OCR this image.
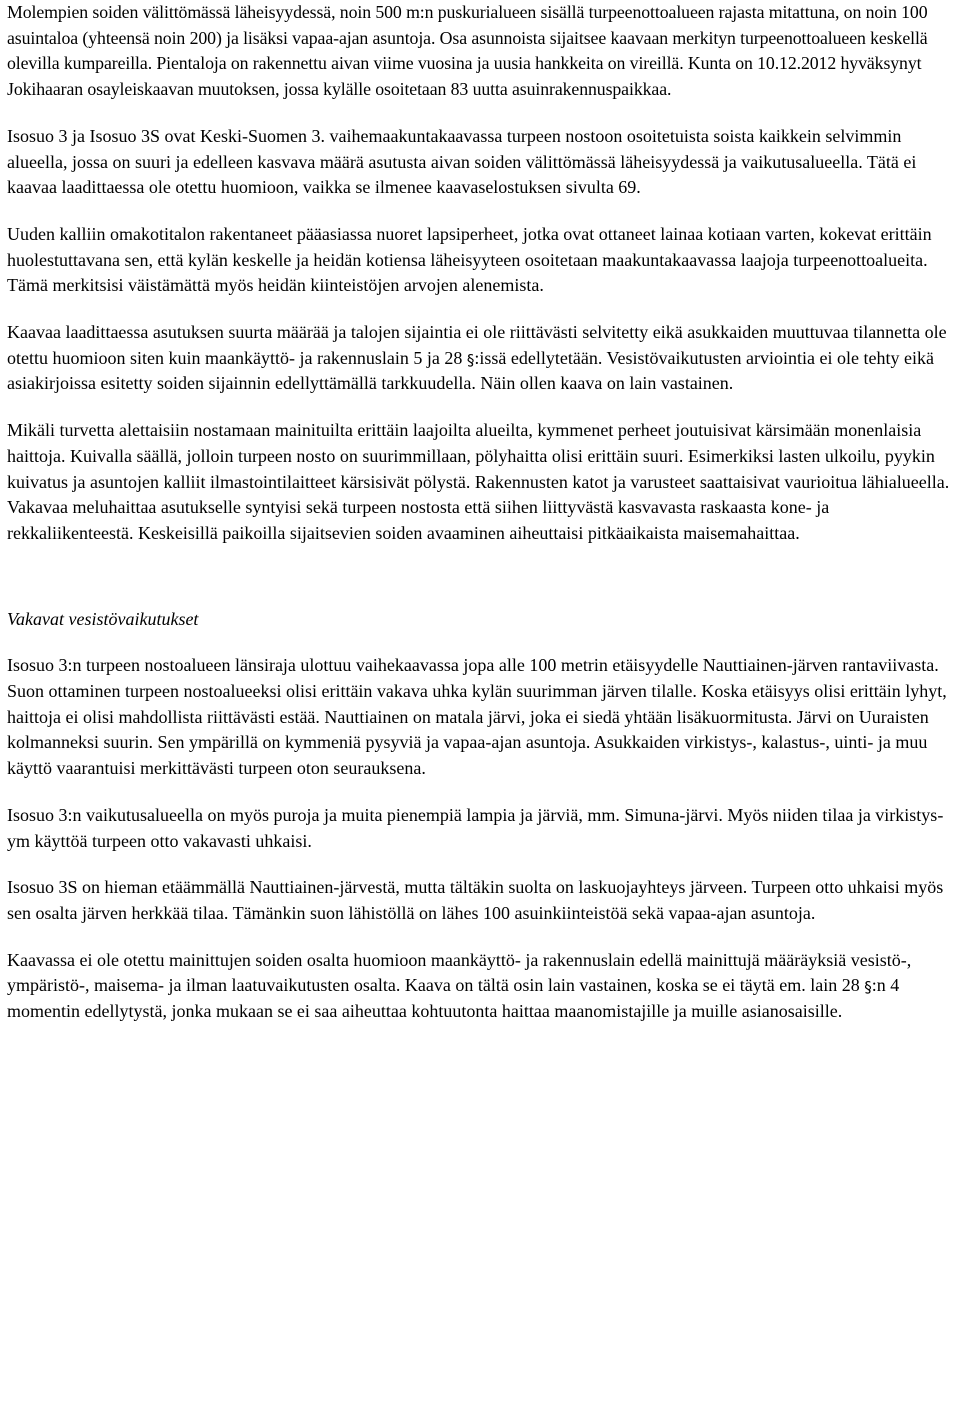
Molempien soiden välittömässä läheisyydessä, noin 500 m:n puskurialueen sisällä turpeenottoalueen rajasta mitattuna, on noin 100 asuintaloa (yhteensä noin 200) ja lisäksi vapaa-ajan asuntoja. Osa asunnoista sijaitsee kaavaan merkityn turpeenottoalueen keskellä olevilla kumpareilla. Pientaloja on rakennettu aivan viime vuosina ja uusia hankkeita on vireillä. Kunta on 10.12.2012 hyväksynyt Jokihaaran osayleiskaavan muutoksen, jossa kylälle osoitetaan 83 uutta asuinrakennuspaikkaa.

Isosuo 3 ja Isosuo 3S ovat Keski-Suomen 3. vaihemaakuntakaavassa turpeen nostoon osoitetuista soista kaikkein selvimmin alueella, jossa on suuri ja edelleen kasvava määrä asutusta aivan soiden välittömässä läheisyydessä ja vaikutusalueella. Tätä ei kaavaa laadittaessa ole otettu huomioon, vaikka se ilmenee kaavaselostuksen sivulta 69.

Uuden kalliin omakotitalon rakentaneet pääasiassa nuoret lapsiperheet, jotka ovat ottaneet lainaa kotiaan varten, kokevat erittäin huolestuttavana sen, että kylän keskelle ja heidän kotiensa läheisyyteen osoitetaan maakuntakaavassa laajoja turpeenottoalueita. Tämä merkitsisi väistämättä myös heidän kiinteistöjen arvojen alenemista.

Kaavaa laadittaessa asutuksen suurta määrää ja talojen sijaintia ei ole riittävästi selvitetty eikä asukkaiden muuttuvaa tilannetta ole otettu huomioon siten kuin maankäyttö- ja rakennuslain 5 ja 28 §:issä edellytetään. Vesistövaikutusten arviointia ei ole tehty eikä asiakirjoissa esitetty soiden sijainnin edellyttämällä tarkkuudella. Näin ollen kaava on lain vastainen.

Mikäli turvetta alettaisiin nostamaan mainituilta erittäin laajoilta alueilta, kymmenet perheet joutuisivat kärsimään monenlaisia haittoja. Kuivalla säällä, jolloin turpeen nosto on suurimmillaan, pölyhaitta olisi erittäin suuri. Esimerkiksi lasten ulkoilu, pyykin kuivatus ja asuntojen kalliit ilmastointilaitteet kärsisivät pölystä. Rakennusten katot ja varusteet saattaisivat vaurioitua lähialueella. Vakavaa meluhaittaa asutukselle syntyisi sekä turpeen nostosta että siihen liittyvästä kasvavasta raskaasta kone- ja rekkaliikenteestä. Keskeisillä paikoilla sijaitsevien soiden avaaminen aiheuttaisi pitkäaikaista maisemahaittaa.

Vakavat vesistövaikutukset

Isosuo 3:n turpeen nostoalueen länsiraja ulottuu vaihekaavassa jopa alle 100 metrin etäisyydelle Nauttiainen-järven rantaviivasta. Suon ottaminen turpeen nostoalueeksi olisi erittäin vakava uhka kylän suurimman järven tilalle. Koska etäisyys olisi erittäin lyhyt, haittoja ei olisi mahdollista riittävästi estää. Nauttiainen on matala järvi, joka ei siedä yhtään lisäkuormitusta. Järvi on Uuraisten kolmanneksi suurin. Sen ympärillä on kymmeniä pysyviä ja vapaa-ajan asuntoja. Asukkaiden virkistys-, kalastus-, uinti- ja muu käyttö vaarantuisi merkittävästi turpeen oton seurauksena.

Isosuo 3:n vaikutusalueella on myös puroja ja muita pienempiä lampia ja järviä, mm. Simuna-järvi. Myös niiden tilaa ja virkistys- ym käyttöä turpeen otto vakavasti uhkaisi.

Isosuo 3S on hieman etäämmällä Nauttiainen-järvestä, mutta tältäkin suolta on laskuojayhteys järveen. Turpeen otto uhkaisi myös sen osalta järven herkkää tilaa. Tämänkin suon lähistöllä on lähes 100 asuinkiinteistöä sekä vapaa-ajan asuntoja.

Kaavassa ei ole otettu mainittujen soiden osalta huomioon maankäyttö- ja rakennuslain edellä mainittujä määräyksiä vesistö-, ympäristö-, maisema- ja ilman laatuvaikutusten osalta. Kaava on tältä osin lain vastainen, koska se ei täytä em. lain 28 §:n 4 momentin edellytystä, jonka mukaan se ei saa aiheuttaa kohtuutonta haittaa maanomistajille ja muille asianosaisille.
